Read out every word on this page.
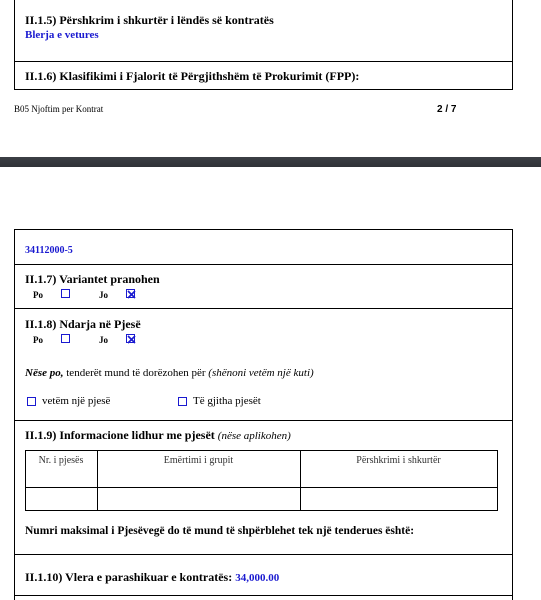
II.1.5) Përshkrim i shkurtër i lëndës së kontratës
Blerja e vetures
II.1.6) Klasifikimi i Fjalorit të Përgjithshëm të Prokurimit (FPP):
B05 Njoftim per Kontrat	2 / 7
34112000-5
II.1.7) Variantet pranohen
Po	Jo
II.1.8) Ndarja në Pjesë
Po	Jo
Nëse po, tenderët mund të dorëzohen për (shënoni vetëm një kuti)
vetëm një pjesë	Të gjitha pjesët
II.1.9) Informacione lidhur me pjesët (nëse aplikohen)
Nr. i pjesës	Emërtimi i grupit	Përshkrimi i shkurtër
Numri maksimal i Pjesëvegë do të mund të shpërblehet tek një tenderues është:
II.1.10) Vlera e parashikuar e kontratës: 34,000.00
